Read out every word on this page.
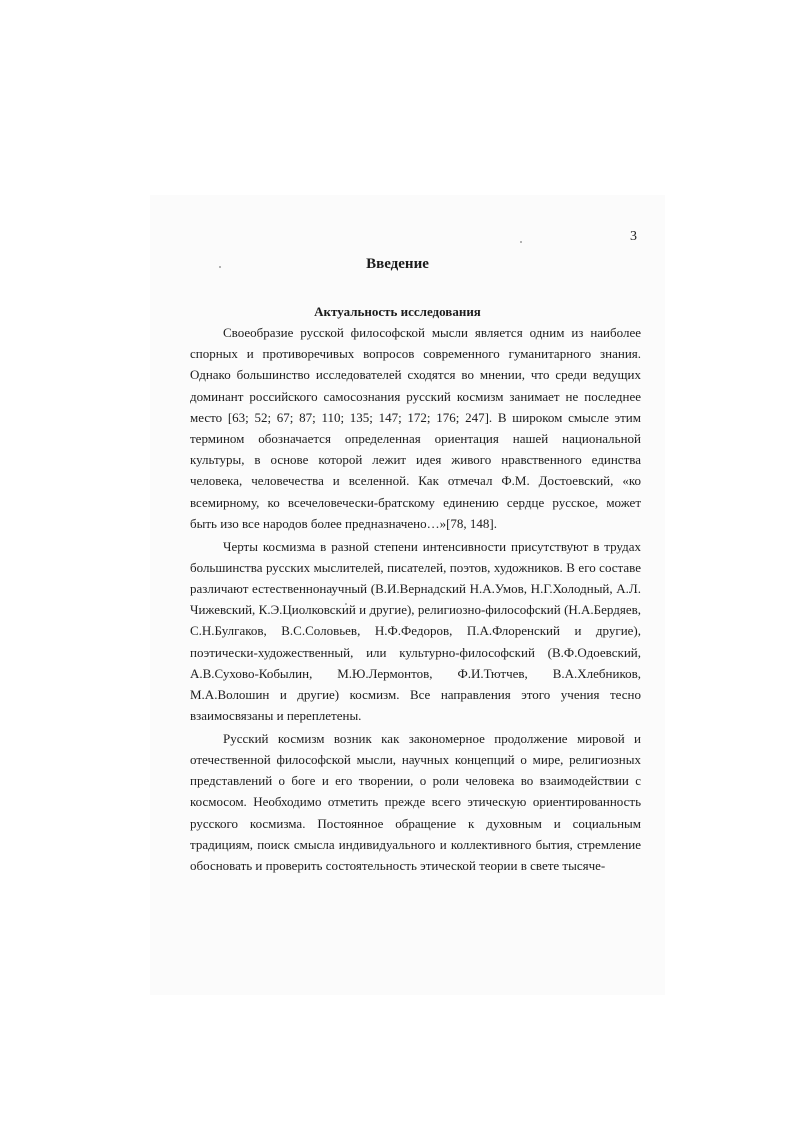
3
Введение
Актуальность исследования

Своеобразие русской философской мысли является одним из наиболее спорных и противоречивых вопросов современного гуманитарного знания. Однако большинство исследователей сходятся во мнении, что среди ведущих доминант российского самосознания русский космизм занимает не последнее место [63; 52; 67; 87; 110; 135; 147; 172; 176; 247]. В широком смысле этим термином обозначается определенная ориентация нашей национальной культуры, в основе которой лежит идея живого нравственного единства человека, человечества и вселенной. Как отмечал Ф.М. Достоевский, «ко всемирному, ко всечеловечески-братскому единению сердце русское, может быть изо все народов более предназначено…»[78, 148].

Черты космизма в разной степени интенсивности присутствуют в трудах большинства русских мыслителей, писателей, поэтов, художников. В его составе различают естественнонаучный (В.И.Вернадский Н.А.Умов, Н.Г.Холодный, А.Л. Чижевский, К.Э.Циолковский и другие), религиозно-философский (Н.А.Бердяев, С.Н.Булгаков, В.С.Соловьев, Н.Ф.Федоров, П.А.Флоренский и другие), поэтически-художественный, или культурно-философский (В.Ф.Одоевский, А.В.Сухово-Кобылин, М.Ю.Лермонтов, Ф.И.Тютчев, В.А.Хлебников, М.А.Волошин и другие) космизм. Все направления этого учения тесно взаимосвязаны и переплетены.

Русский космизм возник как закономерное продолжение мировой и отечественной философской мысли, научных концепций о мире, религиозных представлений о боге и его творении, о роли человека во взаимодействии с космосом. Необходимо отметить прежде всего этическую ориентированность русского космизма. Постоянное обращение к духовным и социальным традициям, поиск смысла индивидуального и коллективного бытия, стремление обосновать и проверить состоятельность этической теории в свете тысяче-
